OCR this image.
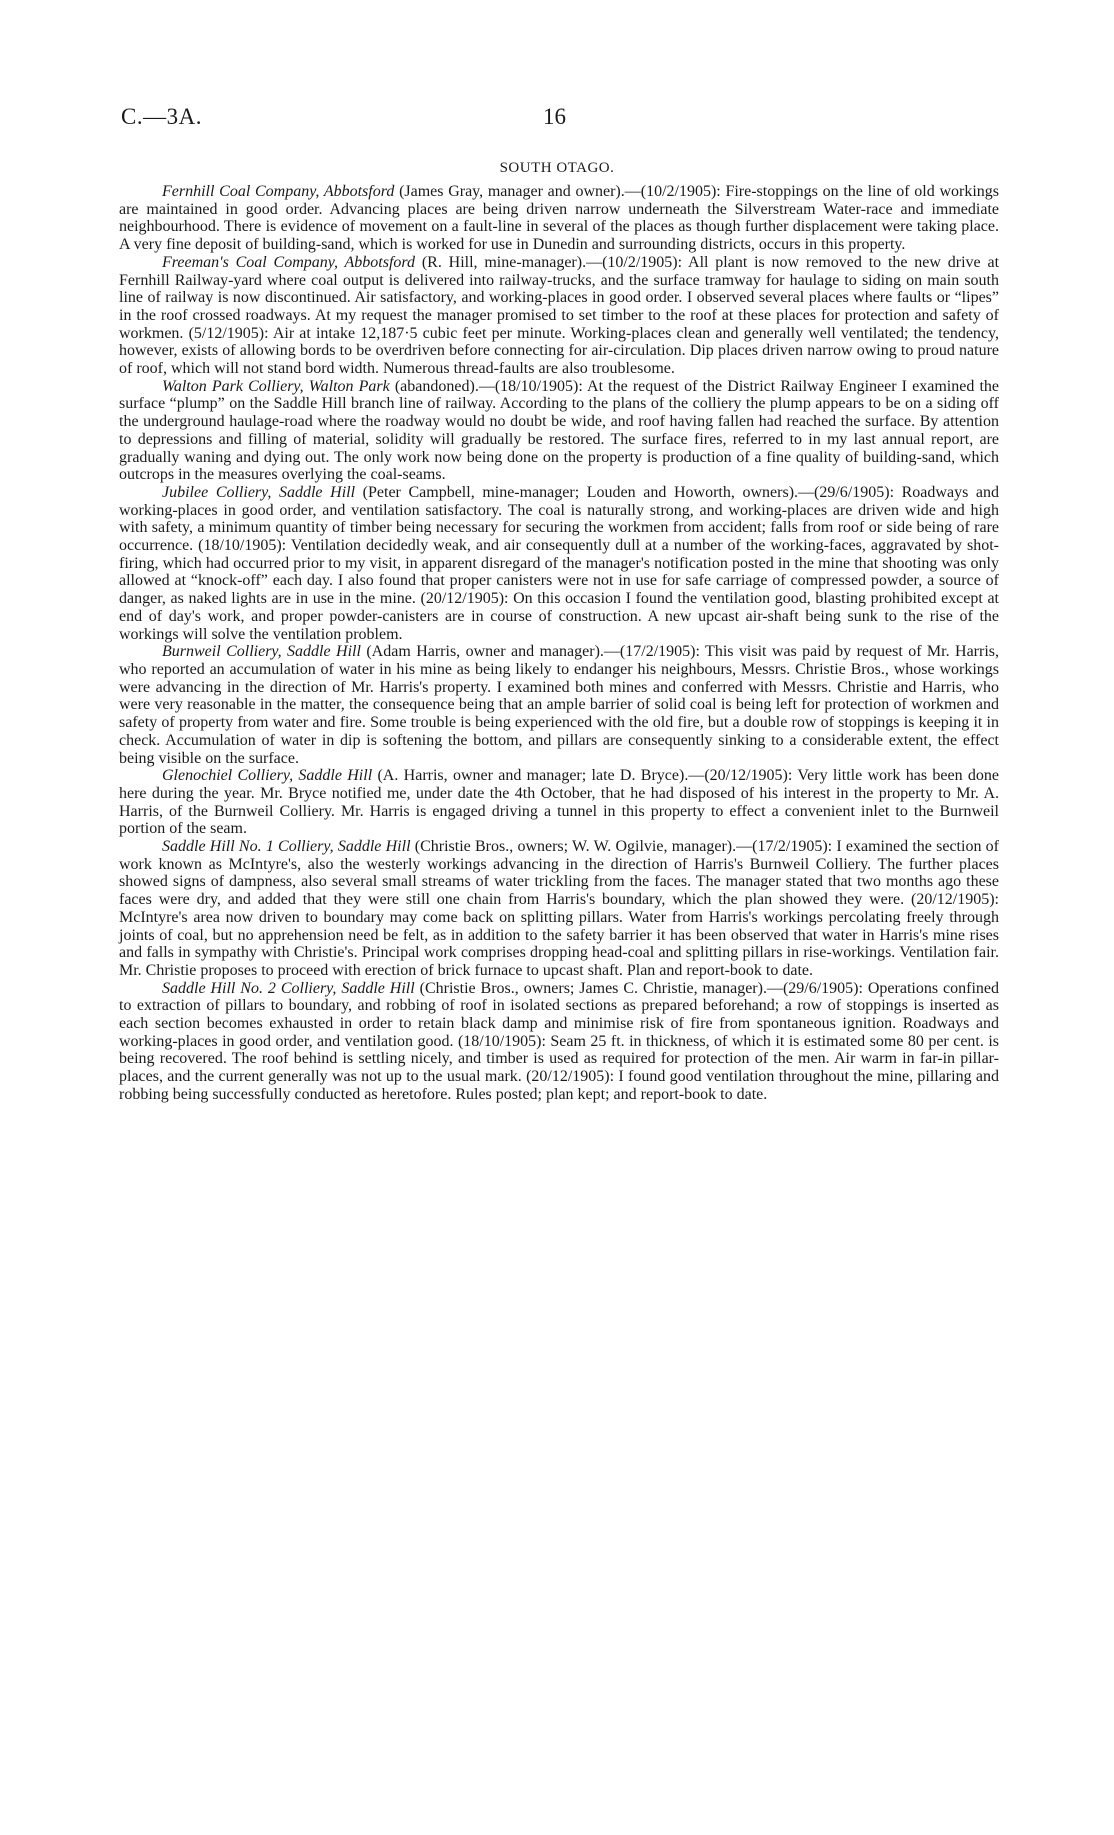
C.—3A.	16
SOUTH OTAGO.

Fernhill Coal Company, Abbotsford (James Gray, manager and owner).—(10/2/1905): Fire-stoppings on the line of old workings are maintained in good order. Advancing places are being driven narrow underneath the Silverstream Water-race and immediate neighbourhood. There is evidence of movement on a fault-line in several of the places as though further displacement were taking place. A very fine deposit of building-sand, which is worked for use in Dunedin and surrounding districts, occurs in this property.

Freeman's Coal Company, Abbotsford (R. Hill, mine-manager).—(10/2/1905): All plant is now removed to the new drive at Fernhill Railway-yard where coal output is delivered into railway-trucks, and the surface tramway for haulage to siding on main south line of railway is now discontinued. Air satisfactory, and working-places in good order. I observed several places where faults or “lipes” in the roof crossed roadways. At my request the manager promised to set timber to the roof at these places for protection and safety of workmen. (5/12/1905): Air at intake 12,187·5 cubic feet per minute. Working-places clean and generally well ventilated; the tendency, however, exists of allowing bords to be overdriven before connecting for air-circulation. Dip places driven narrow owing to proud nature of roof, which will not stand bord width. Numerous thread-faults are also troublesome.

Walton Park Colliery, Walton Park (abandoned).—(18/10/1905): At the request of the District Railway Engineer I examined the surface “plump” on the Saddle Hill branch line of railway. According to the plans of the colliery the plump appears to be on a siding off the underground haulage-road where the roadway would no doubt be wide, and roof having fallen had reached the surface. By attention to depressions and filling of material, solidity will gradually be restored. The surface fires, referred to in my last annual report, are gradually waning and dying out. The only work now being done on the property is production of a fine quality of building-sand, which outcrops in the measures overlying the coal-seams.

Jubilee Colliery, Saddle Hill (Peter Campbell, mine-manager; Louden and Howorth, owners).—(29/6/1905): Roadways and working-places in good order, and ventilation satisfactory. The coal is naturally strong, and working-places are driven wide and high with safety, a minimum quantity of timber being necessary for securing the workmen from accident; falls from roof or side being of rare occurrence. (18/10/1905): Ventilation decidedly weak, and air consequently dull at a number of the working-faces, aggravated by shot-firing, which had occurred prior to my visit, in apparent disregard of the manager's notification posted in the mine that shooting was only allowed at “knock-off” each day. I also found that proper canisters were not in use for safe carriage of compressed powder, a source of danger, as naked lights are in use in the mine. (20/12/1905): On this occasion I found the ventilation good, blasting prohibited except at end of day's work, and proper powder-canisters are in course of construction. A new upcast air-shaft being sunk to the rise of the workings will solve the ventilation problem.

Burnweil Colliery, Saddle Hill (Adam Harris, owner and manager).—(17/2/1905): This visit was paid by request of Mr. Harris, who reported an accumulation of water in his mine as being likely to endanger his neighbours, Messrs. Christie Bros., whose workings were advancing in the direction of Mr. Harris's property. I examined both mines and conferred with Messrs. Christie and Harris, who were very reasonable in the matter, the consequence being that an ample barrier of solid coal is being left for protection of workmen and safety of property from water and fire. Some trouble is being experienced with the old fire, but a double row of stoppings is keeping it in check. Accumulation of water in dip is softening the bottom, and pillars are consequently sinking to a considerable extent, the effect being visible on the surface.

Glenochiel Colliery, Saddle Hill (A. Harris, owner and manager; late D. Bryce).—(20/12/1905): Very little work has been done here during the year. Mr. Bryce notified me, under date the 4th October, that he had disposed of his interest in the property to Mr. A. Harris, of the Burnweil Colliery. Mr. Harris is engaged driving a tunnel in this property to effect a convenient inlet to the Burnweil portion of the seam.

Saddle Hill No. 1 Colliery, Saddle Hill (Christie Bros., owners; W. W. Ogilvie, manager).—(17/2/1905): I examined the section of work known as McIntyre's, also the westerly workings advancing in the direction of Harris's Burnweil Colliery. The further places showed signs of dampness, also several small streams of water trickling from the faces. The manager stated that two months ago these faces were dry, and added that they were still one chain from Harris's boundary, which the plan showed they were. (20/12/1905): McIntyre's area now driven to boundary may come back on splitting pillars. Water from Harris's workings percolating freely through joints of coal, but no apprehension need be felt, as in addition to the safety barrier it has been observed that water in Harris's mine rises and falls in sympathy with Christie's. Principal work comprises dropping head-coal and splitting pillars in rise-workings. Ventilation fair. Mr. Christie proposes to proceed with erection of brick furnace to upcast shaft. Plan and report-book to date.

Saddle Hill No. 2 Colliery, Saddle Hill (Christie Bros., owners; James C. Christie, manager).—(29/6/1905): Operations confined to extraction of pillars to boundary, and robbing of roof in isolated sections as prepared beforehand; a row of stoppings is inserted as each section becomes exhausted in order to retain black damp and minimise risk of fire from spontaneous ignition. Roadways and working-places in good order, and ventilation good. (18/10/1905): Seam 25 ft. in thickness, of which it is estimated some 80 per cent. is being recovered. The roof behind is settling nicely, and timber is used as required for protection of the men. Air warm in far-in pillar-places, and the current generally was not up to the usual mark. (20/12/1905): I found good ventilation throughout the mine, pillaring and robbing being successfully conducted as heretofore. Rules posted; plan kept; and report-book to date.
